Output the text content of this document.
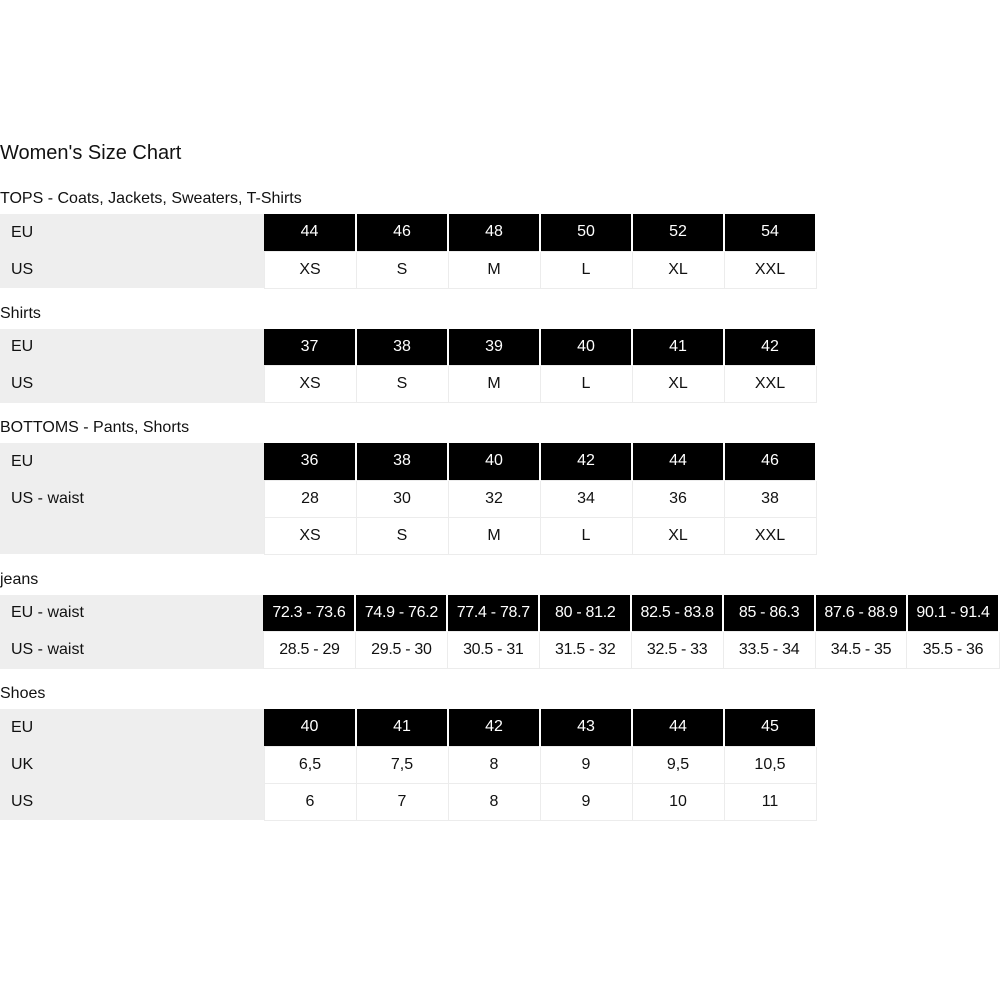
Women's Size Chart
TOPS - Coats, Jackets, Sweaters, T-Shirts
EU	44	46	48	50	52	54
US	XS	S	M	L	XL	XXL
Shirts
EU	37	38	39	40	41	42
US	XS	S	M	L	XL	XXL
BOTTOMS - Pants, Shorts
EU	36	38	40	42	44	46
US - waist	28	30	32	34	36	38
	XS	S	M	L	XL	XXL
jeans
EU - waist	72.3 - 73.6	74.9 - 76.2	77.4 - 78.7	80 - 81.2	82.5 - 83.8	85 - 86.3	87.6 - 88.9	90.1 - 91.4
US - waist	28.5 - 29	29.5 - 30	30.5 - 31	31.5 - 32	32.5 - 33	33.5 - 34	34.5 - 35	35.5 - 36
Shoes
EU	40	41	42	43	44	45
UK	6,5	7,5	8	9	9,5	10,5
US	6	7	8	9	10	11
